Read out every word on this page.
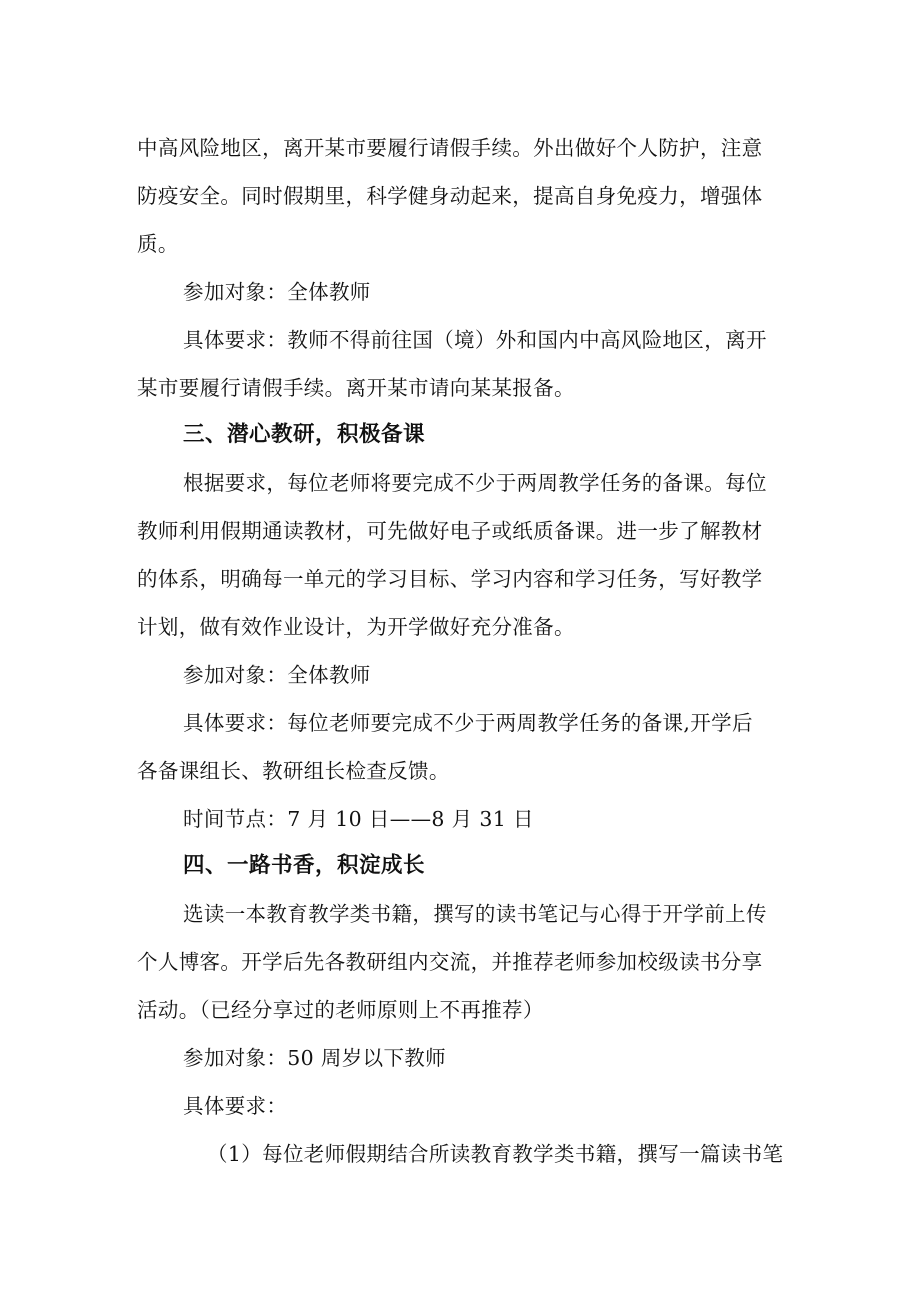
中高风险地区，离开某市要履行请假手续。外出做好个人防护，注意
防疫安全。同时假期里，科学健身动起来，提高自身免疫力，增强体
质。
参加对象：全体教师
具体要求：教师不得前往国（境）外和国内中高风险地区，离开
某市要履行请假手续。离开某市请向某某报备。
三、潜心教研，积极备课
根据要求，每位老师将要完成不少于两周教学任务的备课。每位
教师利用假期通读教材，可先做好电子或纸质备课。进一步了解教材
的体系，明确每一单元的学习目标、学习内容和学习任务，写好教学
计划，做有效作业设计，为开学做好充分准备。
参加对象：全体教师
具体要求：每位老师要完成不少于两周教学任务的备课,开学后
各备课组长、教研组长检查反馈。
时间节点：7 月 10 日——8 月 31 日
四、一路书香，积淀成长
选读一本教育教学类书籍，撰写的读书笔记与心得于开学前上传
个人博客。开学后先各教研组内交流，并推荐老师参加校级读书分享
活动。（已经分享过的老师原则上不再推荐）
参加对象：50 周岁以下教师
具体要求：
（1）每位老师假期结合所读教育教学类书籍，撰写一篇读书笔
